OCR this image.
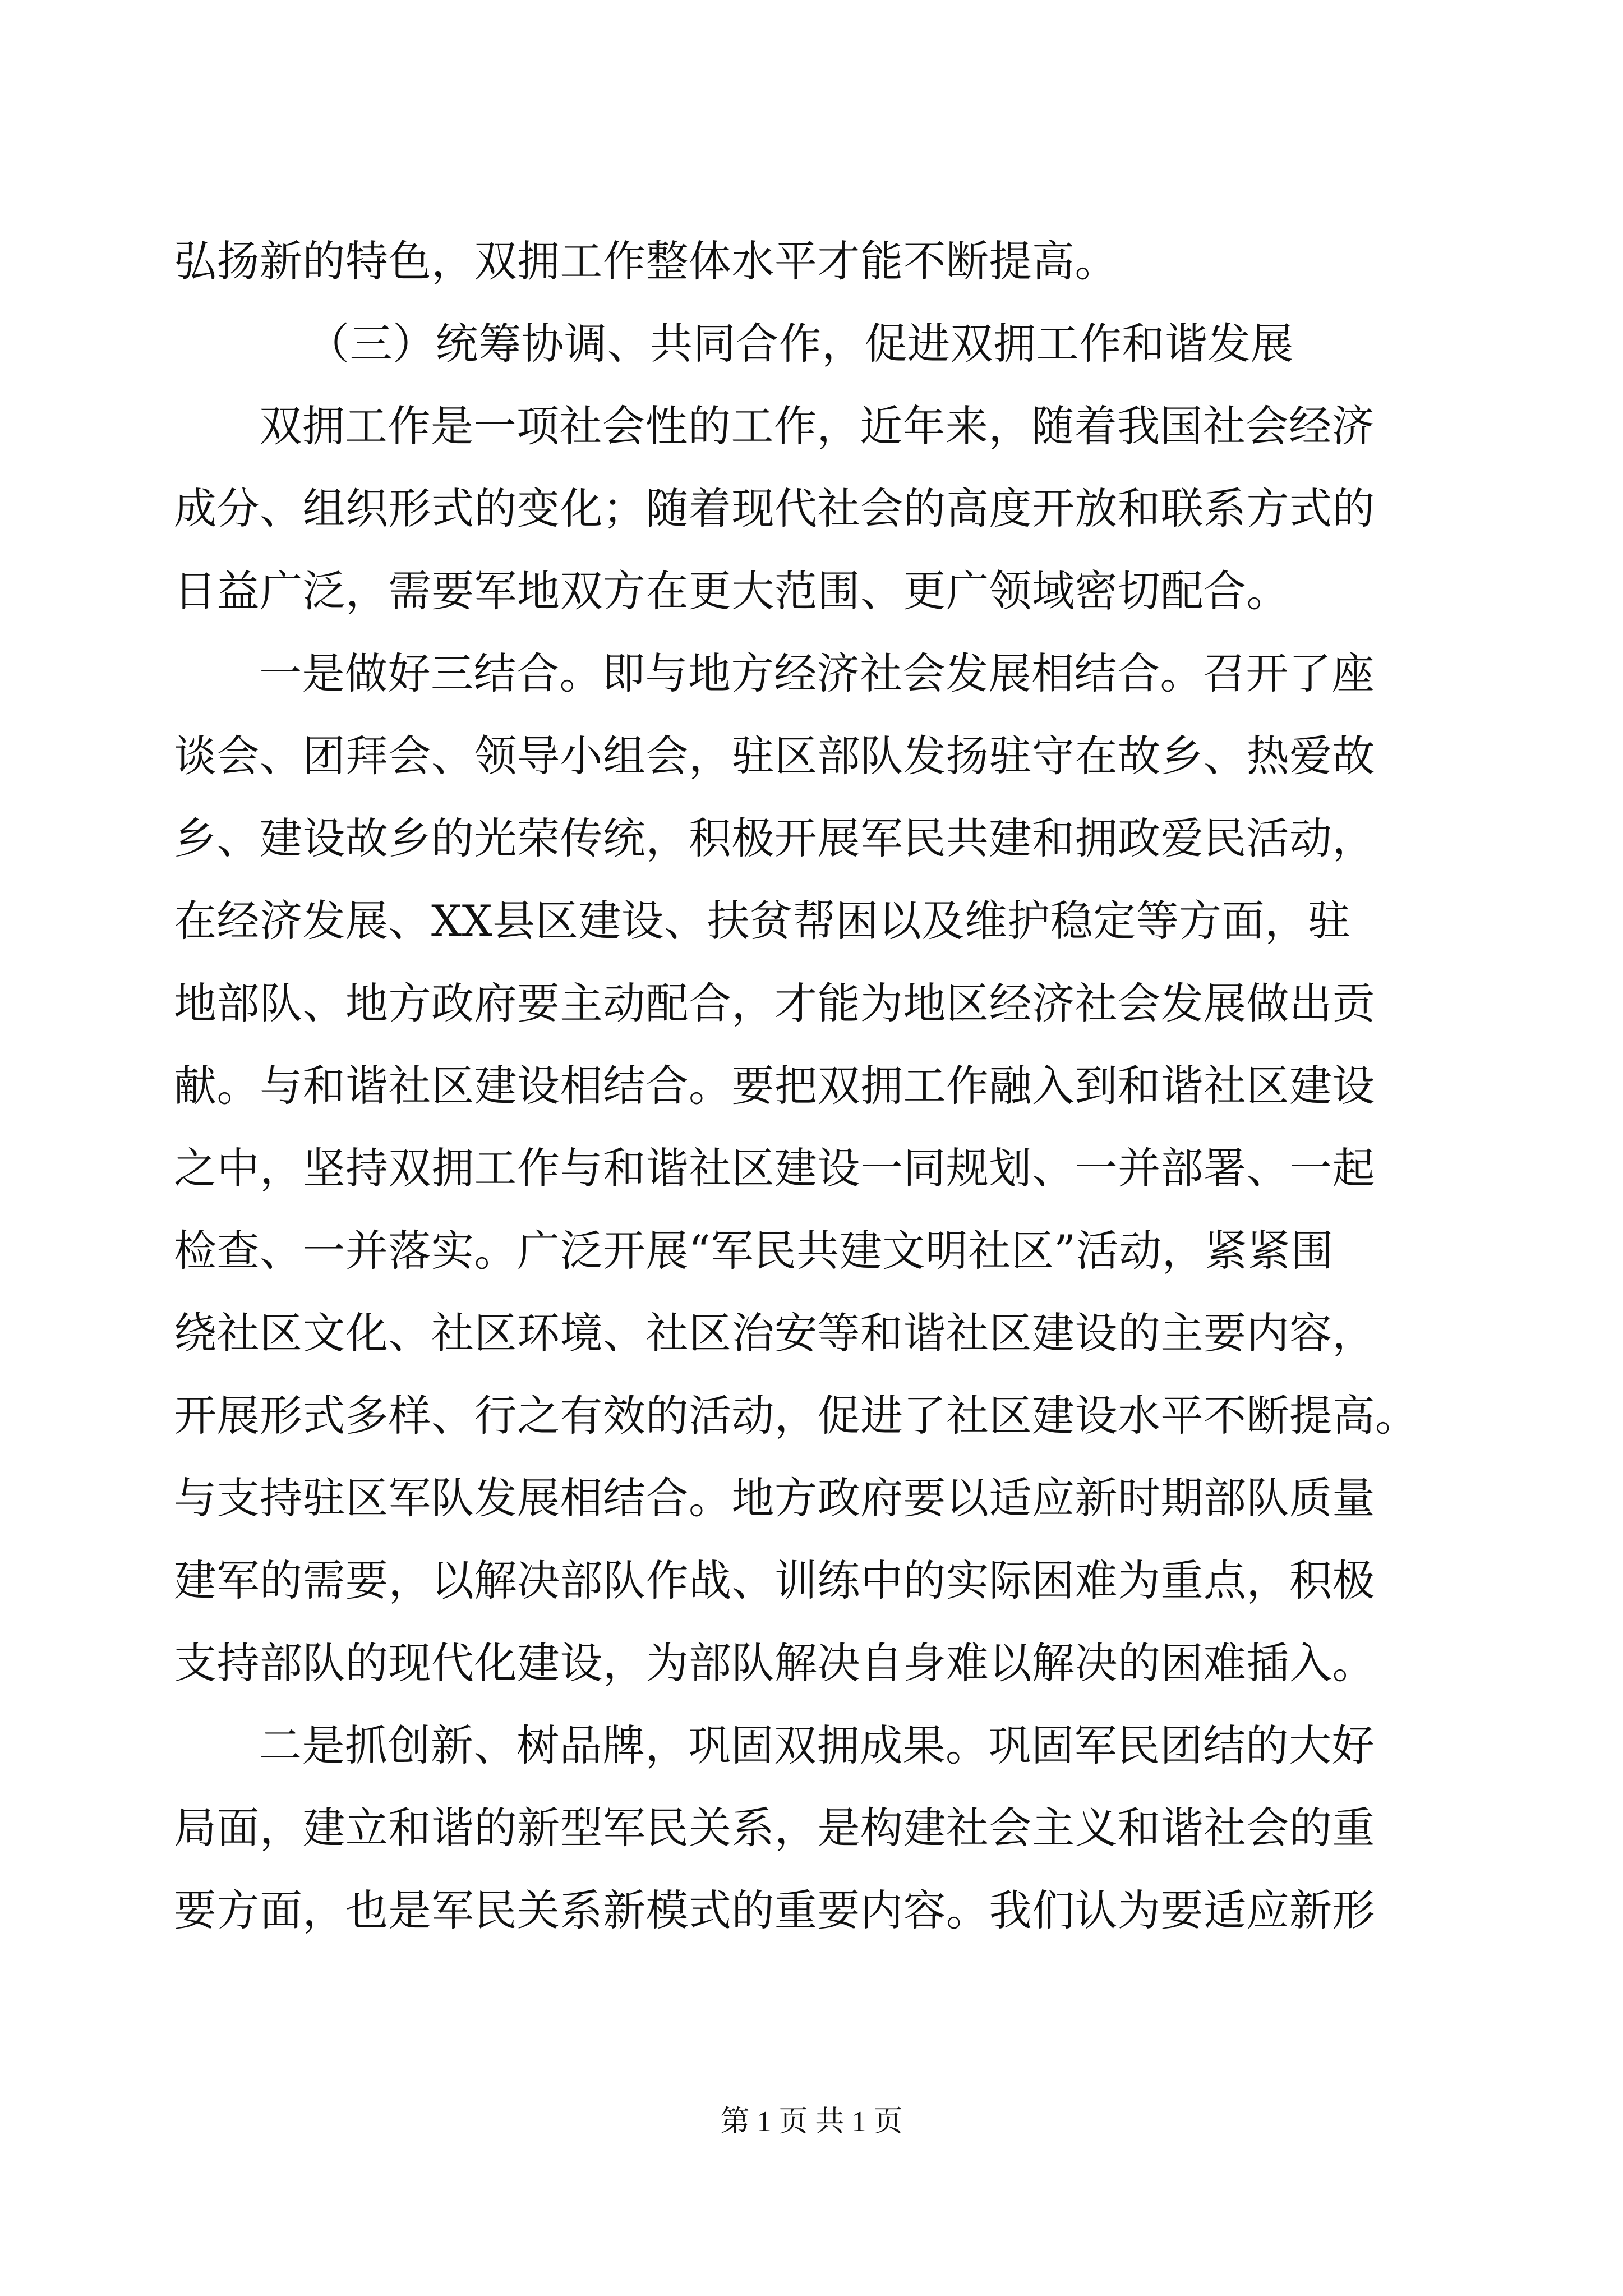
弘扬新的特色，双拥工作整体水平才能不断提高。
（三）统筹协调、共同合作，促进双拥工作和谐发展
双拥工作是一项社会性的工作，近年来，随着我国社会经济
成分、组织形式的变化；随着现代社会的高度开放和联系方式的
日益广泛，需要军地双方在更大范围、更广领域密切配合。
一是做好三结合。即与地方经济社会发展相结合。召开了座
谈会、团拜会、领导小组会，驻区部队发扬驻守在故乡、热爱故
乡、建设故乡的光荣传统，积极开展军民共建和拥政爱民活动，
在经济发展、XX县区建设、扶贫帮困以及维护稳定等方面，驻
地部队、地方政府要主动配合，才能为地区经济社会发展做出贡
献。与和谐社区建设相结合。要把双拥工作融入到和谐社区建设
之中，坚持双拥工作与和谐社区建设一同规划、一并部署、一起
检查、一并落实。广泛开展“军民共建文明社区”活动，紧紧围
绕社区文化、社区环境、社区治安等和谐社区建设的主要内容，
开展形式多样、行之有效的活动，促进了社区建设水平不断提高。
与支持驻区军队发展相结合。地方政府要以适应新时期部队质量
建军的需要，以解决部队作战、训练中的实际困难为重点，积极
支持部队的现代化建设，为部队解决自身难以解决的困难插入。
二是抓创新、树品牌，巩固双拥成果。巩固军民团结的大好
局面，建立和谐的新型军民关系，是构建社会主义和谐社会的重
要方面，也是军民关系新模式的重要内容。我们认为要适应新形
第 1 页 共 1 页
